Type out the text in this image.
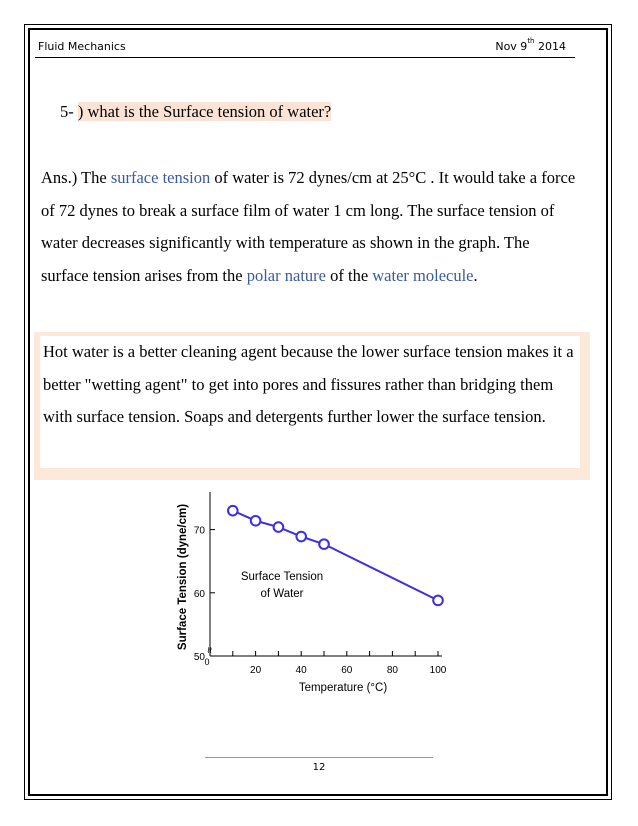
Fluid Mechanics	Nov 9th 2014
5- ) what is the Surface tension of water?
Ans.) The surface tension of water is 72 dynes/cm at 25°C . It would take a force of 72 dynes to break a surface film of water 1 cm long. The surface tension of water decreases significantly with temperature as shown in the graph. The surface tension arises from the polar nature of the water molecule.
Hot water is a better cleaning agent because the lower surface tension makes it a better "wetting agent" to get into pores and fissures rather than bridging them with surface tension. Soaps and detergents further lower the surface tension.
20	40	60	80	100
0
50
60
70
≈
Temperature (°C)
Surface Tension (dyne/cm)	Surface Tension
of Water
12
